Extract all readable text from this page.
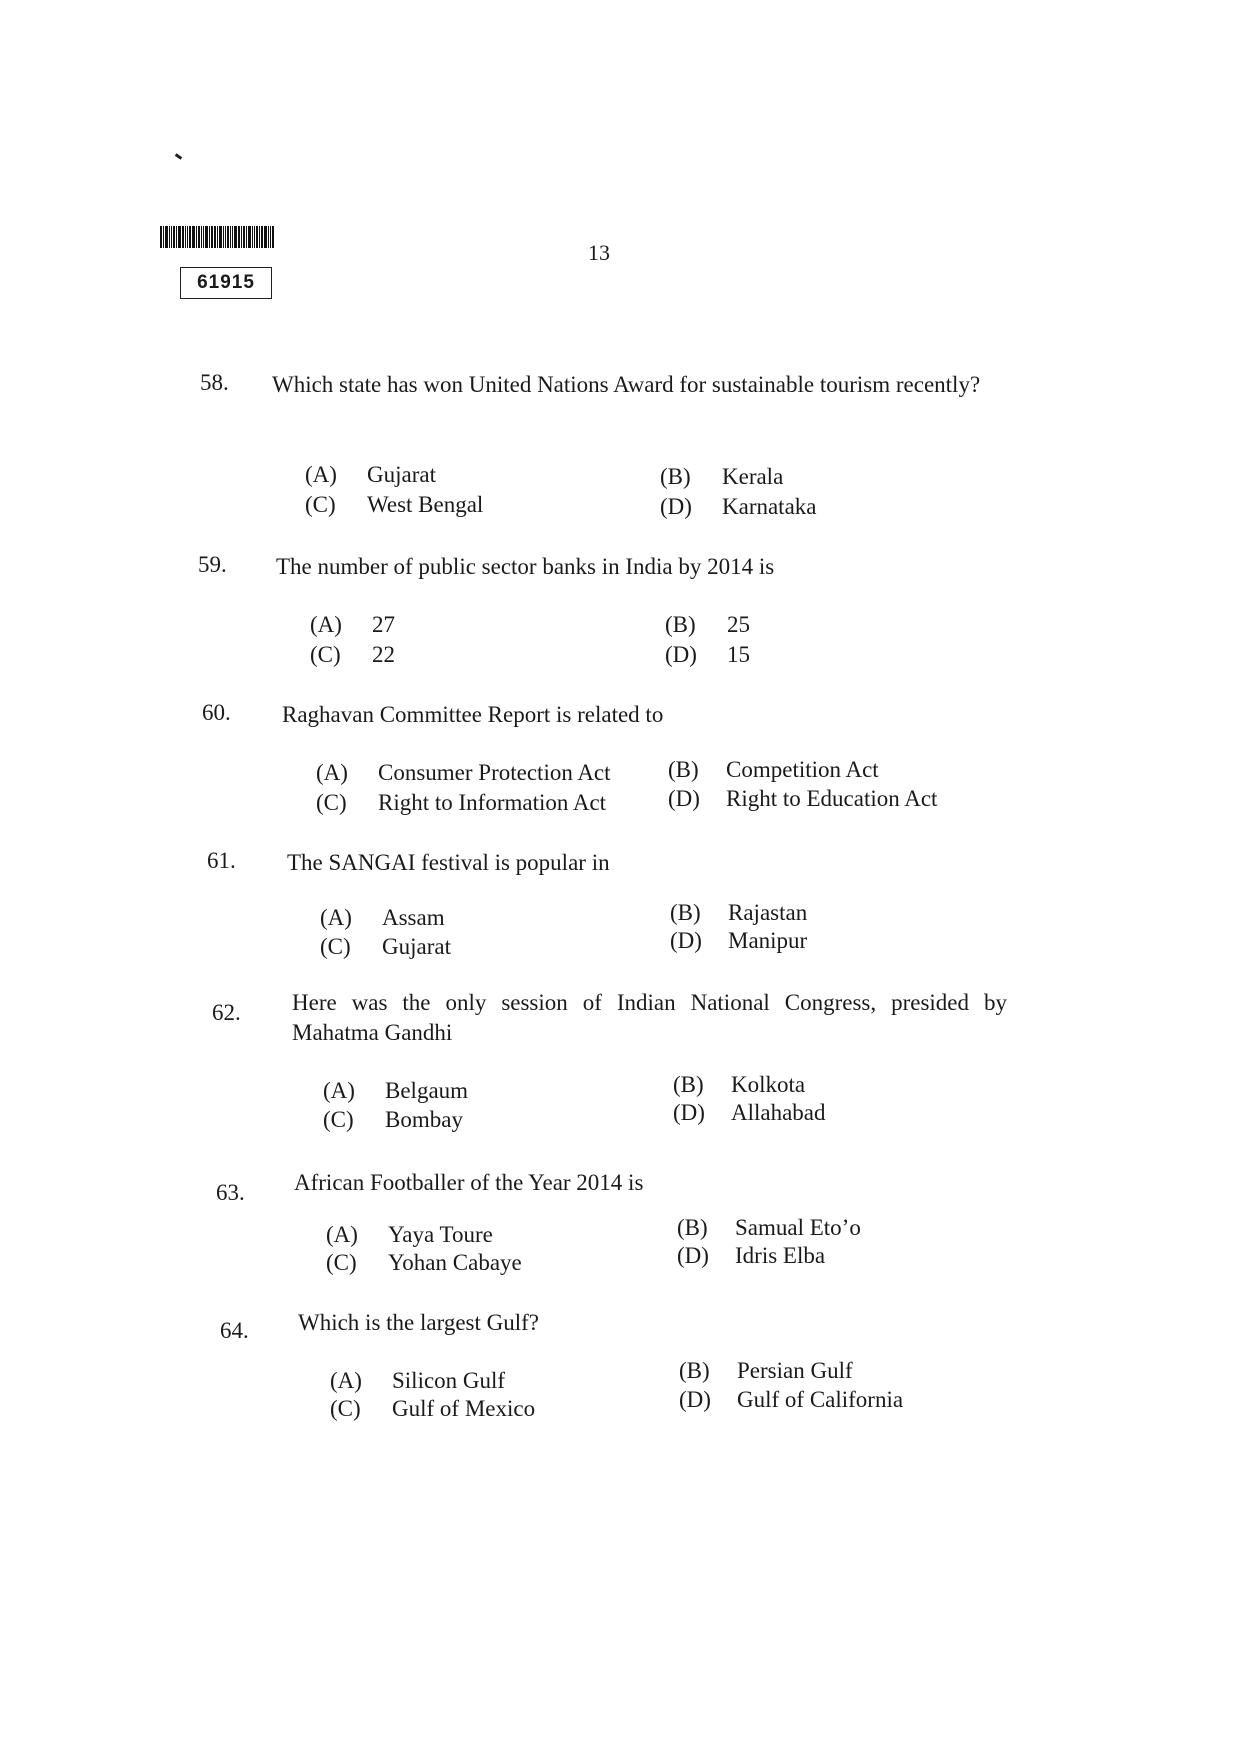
61915
13
58. Which state has won United Nations Award for sustainable tourism recently?
(A) Gujarat	(B) Kerala
(C) West Bengal	(D) Karnataka
59. The number of public sector banks in India by 2014 is
(A) 27	(B) 25
(C) 22	(D) 15
60. Raghavan Committee Report is related to
(A) Consumer Protection Act (B) Competition Act
(C) Right to Information Act	(D) Right to Education Act
61. The SANGAI festival is popular in
(A) Assam	(B) Rajastan
(C) Gujarat	(D) Manipur
62. Here was the only session of Indian National Congress, presided by Mahatma Gandhi
(A) Belgaum	(B) Kolkota
(C) Bombay	(D) Allahabad
63. African Footballer of the Year 2014 is
(A) Yaya Toure	(B) Samual Eto’o
(C) Yohan Cabaye	(D) Idris Elba
64. Which is the largest Gulf?
(A) Silicon Gulf	(B) Persian Gulf
(C) Gulf of Mexico	(D) Gulf of California
